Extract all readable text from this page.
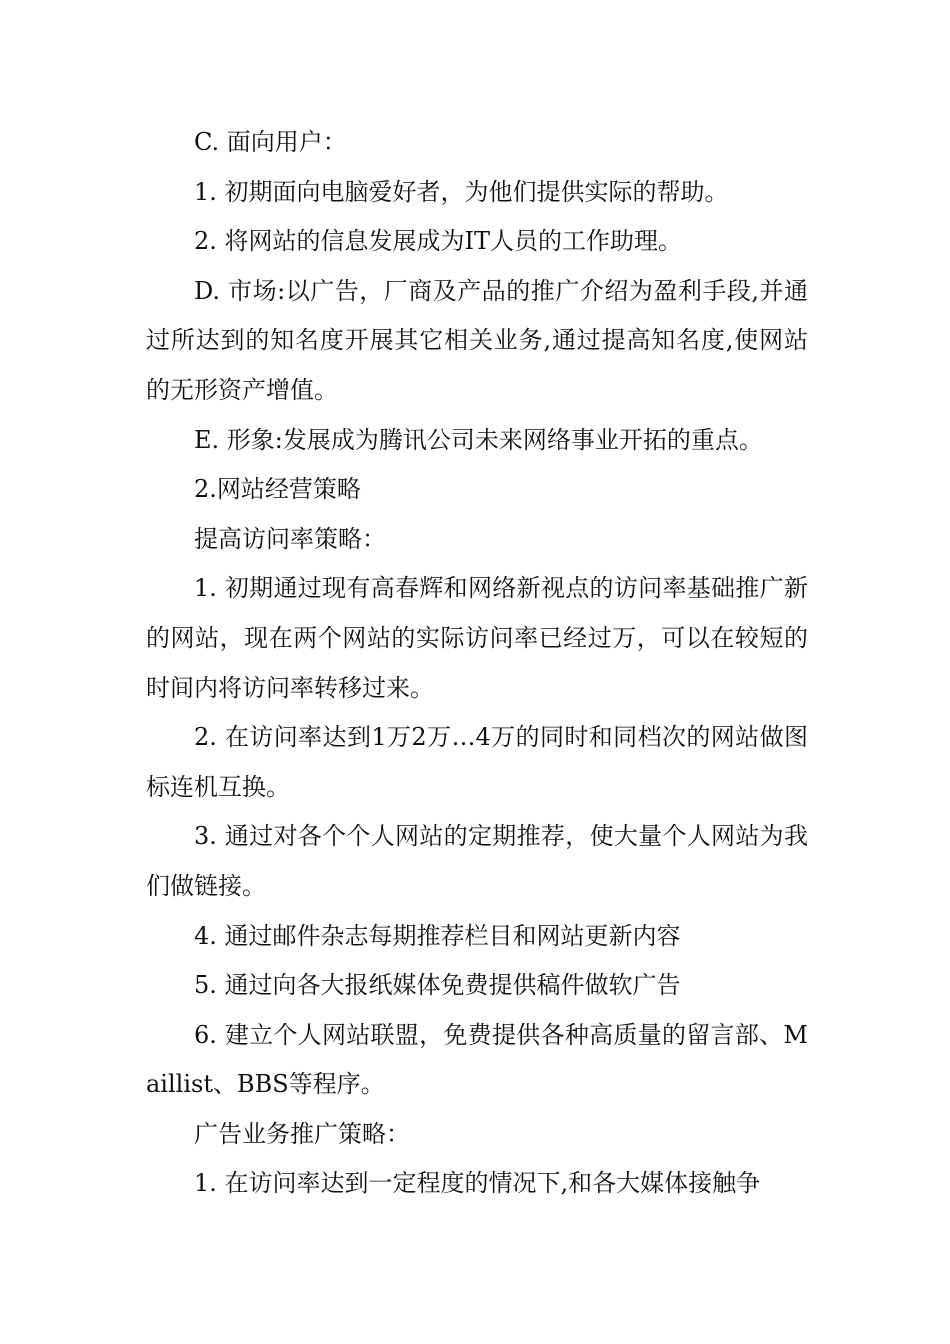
C. 面向用户：

1. 初期面向电脑爱好者，为他们提供实际的帮助。

2. 将网站的信息发展成为IT人员的工作助理。

D. 市场:以广告，厂商及产品的推广介绍为盈利手段,并通过所达到的知名度开展其它相关业务,通过提高知名度,使网站的无形资产增值。

E. 形象:发展成为腾讯公司未来网络事业开拓的重点。

2.网站经营策略

提高访问率策略：

1. 初期通过现有高春辉和网络新视点的访问率基础推广新的网站，现在两个网站的实际访问率已经过万，可以在较短的时间内将访问率转移过来。

2. 在访问率达到1万2万…4万的同时和同档次的网站做图标连机互换。

3. 通过对各个个人网站的定期推荐，使大量个人网站为我们做链接。

4. 通过邮件杂志每期推荐栏目和网站更新内容

5. 通过向各大报纸媒体免费提供稿件做软广告

6. 建立个人网站联盟，免费提供各种高质量的留言部、Maillist、BBS等程序。

广告业务推广策略：

1. 在访问率达到一定程度的情况下,和各大媒体接触争
